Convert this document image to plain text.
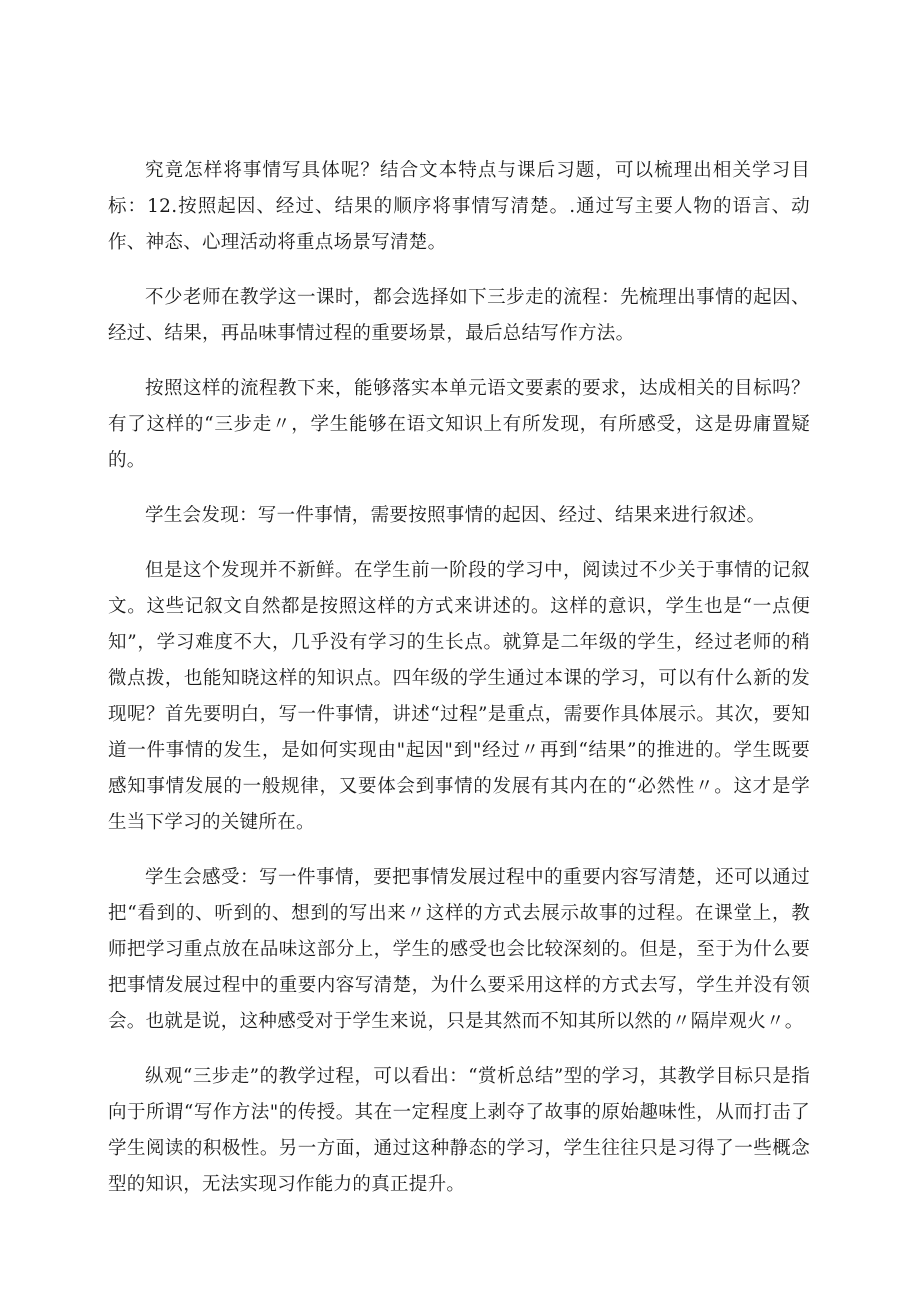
究竟怎样将事情写具体呢？结合文本特点与课后习题，可以梳理出相关学习目标：12.按照起因、经过、结果的顺序将事情写清楚。.通过写主要人物的语言、动作、神态、心理活动将重点场景写清楚。

不少老师在教学这一课时，都会选择如下三步走的流程：先梳理出事情的起因、经过、结果，再品味事情过程的重要场景，最后总结写作方法。

按照这样的流程教下来，能够落实本单元语文要素的要求，达成相关的目标吗？有了这样的“三步走〃，学生能够在语文知识上有所发现，有所感受，这是毋庸置疑的。

学生会发现：写一件事情，需要按照事情的起因、经过、结果来进行叙述。

但是这个发现并不新鲜。在学生前一阶段的学习中，阅读过不少关于事情的记叙文。这些记叙文自然都是按照这样的方式来讲述的。这样的意识，学生也是“一点便知”，学习难度不大，几乎没有学习的生长点。就算是二年级的学生，经过老师的稍微点拨，也能知晓这样的知识点。四年级的学生通过本课的学习，可以有什么新的发现呢？首先要明白，写一件事情，讲述“过程”是重点，需要作具体展示。其次，要知道一件事情的发生，是如何实现由"起因"到"经过〃再到“结果”的推进的。学生既要感知事情发展的一般规律，又要体会到事情的发展有其内在的“必然性〃。这才是学生当下学习的关键所在。

学生会感受：写一件事情，要把事情发展过程中的重要内容写清楚，还可以通过把“看到的、听到的、想到的写出来〃这样的方式去展示故事的过程。在课堂上，教师把学习重点放在品味这部分上，学生的感受也会比较深刻的。但是，至于为什么要把事情发展过程中的重要内容写清楚，为什么要采用这样的方式去写，学生并没有领会。也就是说，这种感受对于学生来说，只是其然而不知其所以然的〃隔岸观火〃。

纵观“三步走”的教学过程，可以看出：“赏析总结”型的学习，其教学目标只是指向于所谓“写作方法"的传授。其在一定程度上剥夺了故事的原始趣味性，从而打击了学生阅读的积极性。另一方面，通过这种静态的学习，学生往往只是习得了一些概念型的知识，无法实现习作能力的真正提升。
